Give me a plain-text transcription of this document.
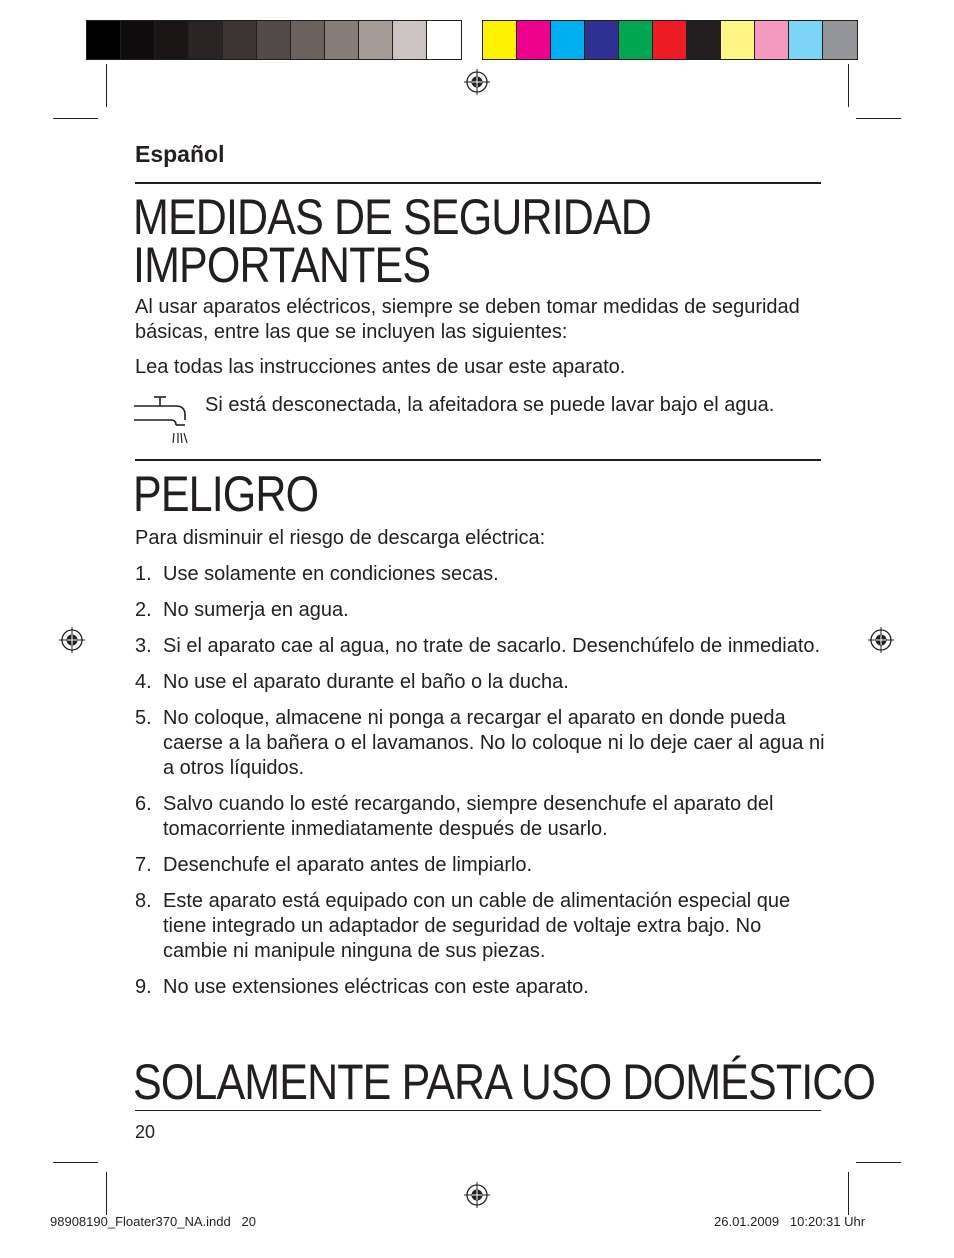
Español
MEDIDAS DE SEGURIDAD
IMPORTANTES

Al usar aparatos eléctricos, siempre se deben tomar medidas de seguridad básicas, entre las que se incluyen las siguientes:

Lea todas las instrucciones antes de usar este aparato.

Si está desconectada, la afeitadora se puede lavar bajo el agua.
PELIGRO

Para disminuir el riesgo de descarga eléctrica:

1. Use solamente en condiciones secas.
2. No sumerja en agua.
3. Si el aparato cae al agua, no trate de sacarlo. Desenchúfelo de inmediato.
4. No use el aparato durante el baño o la ducha.
5. No coloque, almacene ni ponga a recargar el aparato en donde pueda caerse a la bañera o el lavamanos. No lo coloque ni lo deje caer al agua ni a otros líquidos.
6. Salvo cuando lo esté recargando, siempre desenchufe el aparato del tomacorriente inmediatamente después de usarlo.
7. Desenchufe el aparato antes de limpiarlo.
8. Este aparato está equipado con un cable de alimentación especial que tiene integrado un adaptador de seguridad de voltaje extra bajo. No cambie ni manipule ninguna de sus piezas.
9. No use extensiones eléctricas con este aparato.
SOLAMENTE PARA USO DOMÉSTICO
20
98908190_Floater370_NA.indd   20	26.01.2009   10:20:31 Uhr
